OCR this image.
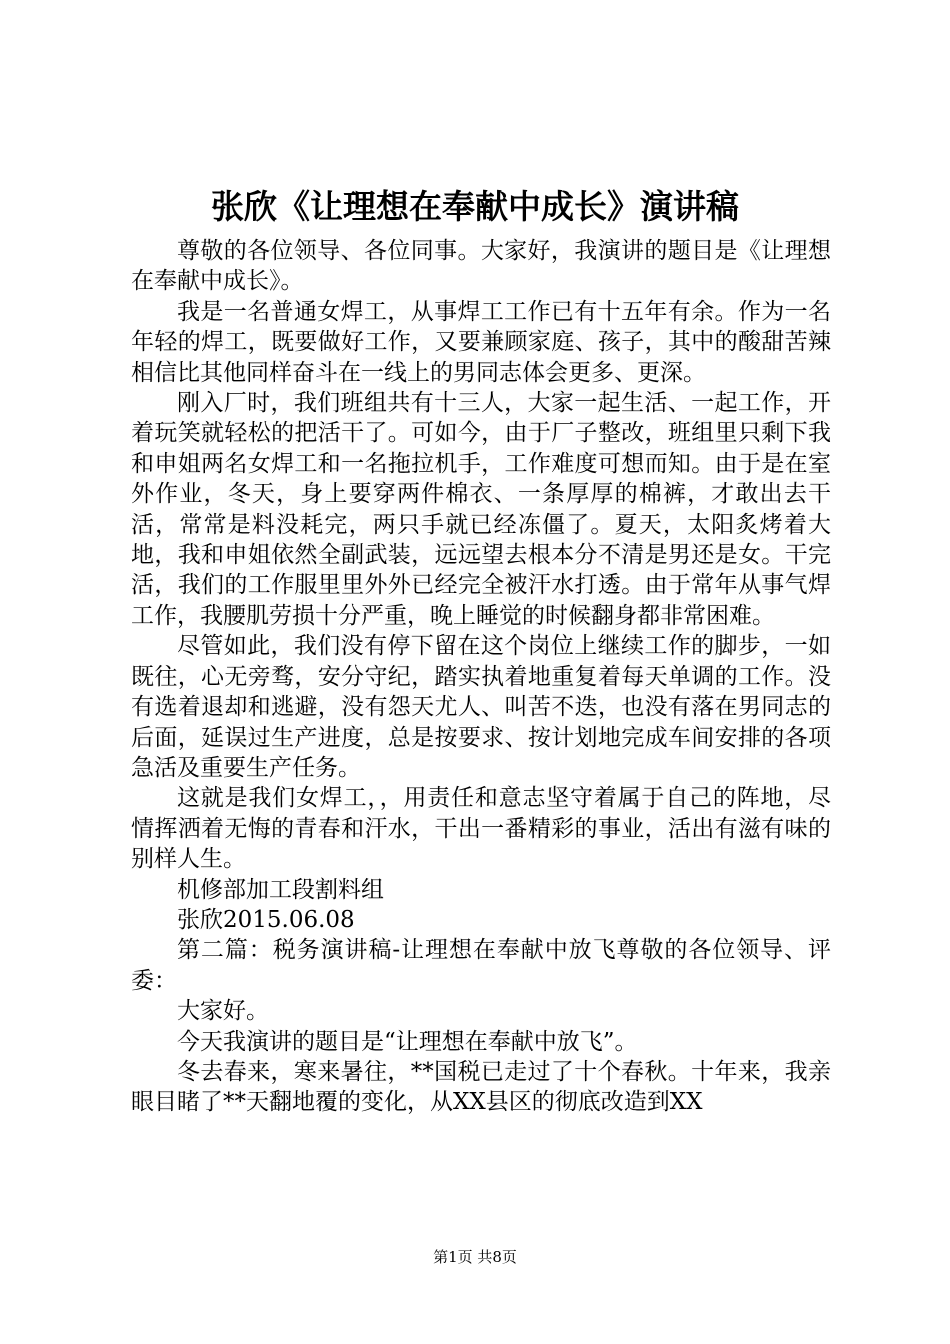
张欣《让理想在奉献中成长》演讲稿

尊敬的各位领导、各位同事。大家好，我演讲的题目是《让理想在奉献中成长》。

我是一名普通女焊工，从事焊工工作已有十五年有余。作为一名年轻的焊工，既要做好工作，又要兼顾家庭、孩子，其中的酸甜苦辣相信比其他同样奋斗在一线上的男同志体会更多、更深。

刚入厂时，我们班组共有十三人，大家一起生活、一起工作，开着玩笑就轻松的把活干了。可如今，由于厂子整改，班组里只剩下我和申姐两名女焊工和一名拖拉机手，工作难度可想而知。由于是在室外作业，冬天，身上要穿两件棉衣、一条厚厚的棉裤，才敢出去干活，常常是料没耗完，两只手就已经冻僵了。夏天，太阳炙烤着大地，我和申姐依然全副武装，远远望去根本分不清是男还是女。干完活，我们的工作服里里外外已经完全被汗水打透。由于常年从事气焊工作，我腰肌劳损十分严重，晚上睡觉的时候翻身都非常困难。

尽管如此，我们没有停下留在这个岗位上继续工作的脚步，一如既往，心无旁骛，安分守纪，踏实执着地重复着每天单调的工作。没有选着退却和逃避，没有怨天尤人、叫苦不迭，也没有落在男同志的后面，延误过生产进度，总是按要求、按计划地完成车间安排的各项急活及重要生产任务。

这就是我们女焊工，，用责任和意志坚守着属于自己的阵地，尽情挥洒着无悔的青春和汗水，干出一番精彩的事业，活出有滋有味的别样人生。

机修部加工段割料组

张欣2015.06.08

第二篇：税务演讲稿-让理想在奉献中放飞尊敬的各位领导、评委：

大家好。

今天我演讲的题目是“让理想在奉献中放飞”。

冬去春来，寒来暑往，**国税已走过了十个春秋。十年来，我亲眼目睹了**天翻地覆的变化，从XX县区的彻底改造到XX

第1页 共8页
